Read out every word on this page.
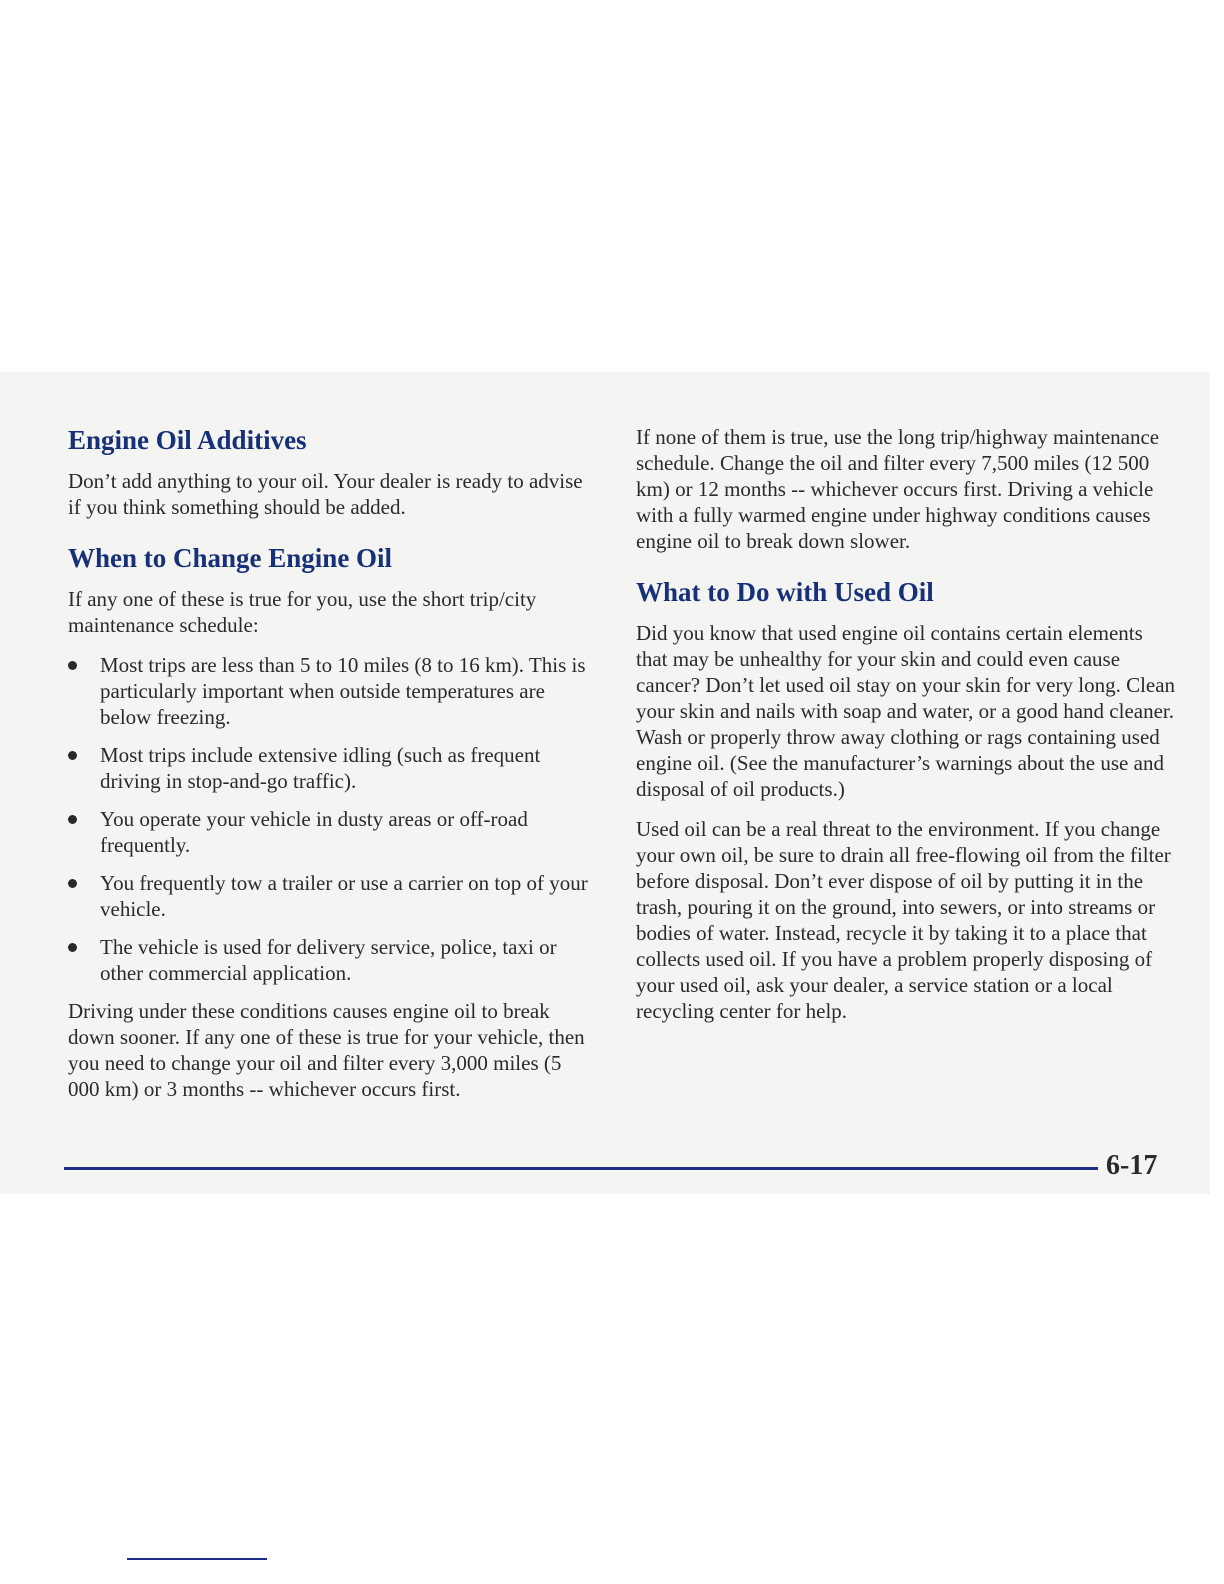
Engine Oil Additives

Don’t add anything to your oil. Your dealer is ready to advise if you think something should be added.

When to Change Engine Oil

If any one of these is true for you, use the short trip/city maintenance schedule:

Most trips are less than 5 to 10 miles (8 to 16 km). This is particularly important when outside temperatures are below freezing.
Most trips include extensive idling (such as frequent driving in stop-and-go traffic).
You operate your vehicle in dusty areas or off-road frequently.
You frequently tow a trailer or use a carrier on top of your vehicle.
The vehicle is used for delivery service, police, taxi or other commercial application.

Driving under these conditions causes engine oil to break down sooner. If any one of these is true for your vehicle, then you need to change your oil and filter every 3,000 miles (5 000 km) or 3 months -- whichever occurs first.

If none of them is true, use the long trip/highway maintenance schedule. Change the oil and filter every 7,500 miles (12 500 km) or 12 months -- whichever occurs first. Driving a vehicle with a fully warmed engine under highway conditions causes engine oil to break down slower.

What to Do with Used Oil

Did you know that used engine oil contains certain elements that may be unhealthy for your skin and could even cause cancer? Don’t let used oil stay on your skin for very long. Clean your skin and nails with soap and water, or a good hand cleaner. Wash or properly throw away clothing or rags containing used engine oil. (See the manufacturer’s warnings about the use and disposal of oil products.)

Used oil can be a real threat to the environment. If you change your own oil, be sure to drain all free-flowing oil from the filter before disposal. Don’t ever dispose of oil by putting it in the trash, pouring it on the ground, into sewers, or into streams or bodies of water. Instead, recycle it by taking it to a place that collects used oil. If you have a problem properly disposing of your used oil, ask your dealer, a service station or a local recycling center for help.

6-17
